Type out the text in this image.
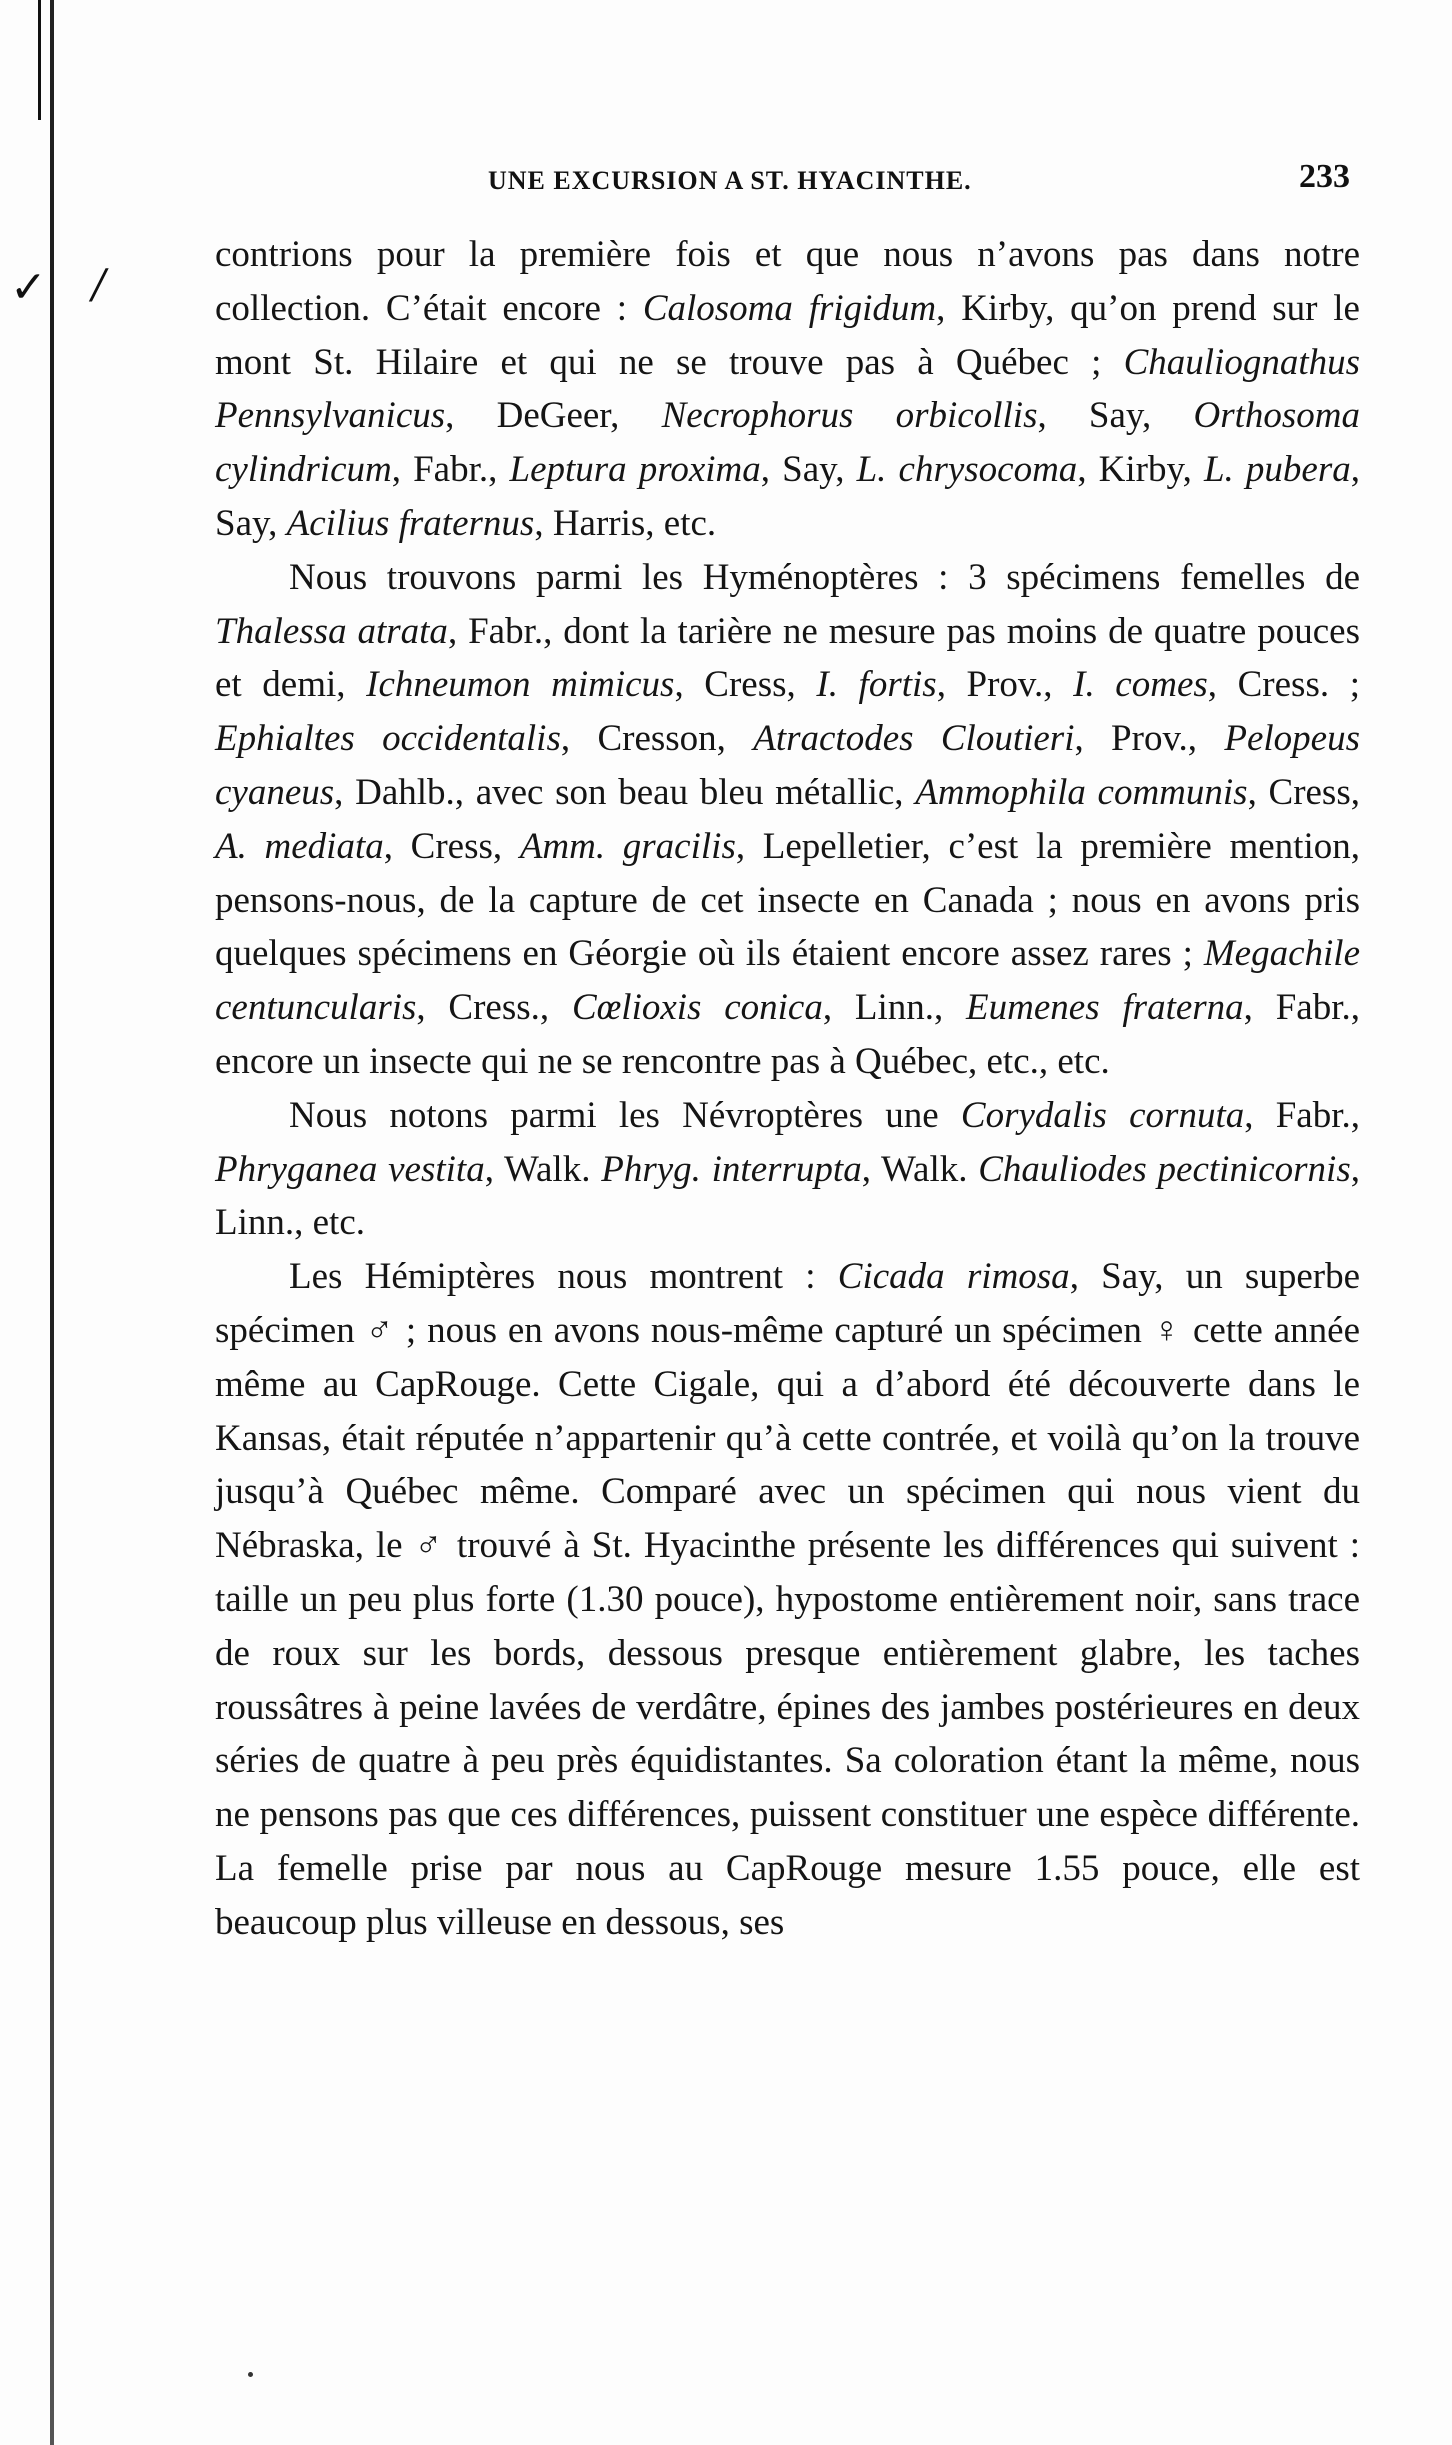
✓ /
UNE EXCURSION A ST. HYACINTHE.	233
contrions pour la première fois et que nous n’avons pas dans notre collection. C’était encore : Calosoma frigidum, Kirby, qu’on prend sur le mont St. Hilaire et qui ne se trouve pas à Québec ; Chauliognathus Pennsylvanicus, DeGeer, Necrophorus orbicollis, Say, Orthosoma cylindricum, Fabr., Leptura proxima, Say, L. chrysocoma, Kirby, L. pubera, Say, Acilius fraternus, Harris, etc.
Nous trouvons parmi les Hyménoptères : 3 spécimens femelles de Thalessa atrata, Fabr., dont la tarière ne mesure pas moins de quatre pouces et demi, Ichneumon mimicus, Cress, I. fortis, Prov., I. comes, Cress. ; Ephialtes occidentalis, Cresson, Atractodes Cloutieri, Prov., Pelopeus cyaneus, Dahlb., avec son beau bleu métallic, Ammophila communis, Cress, A. mediata, Cress, Amm. gracilis, Lepelletier, c’est la première mention, pensons-nous, de la capture de cet insecte en Canada ; nous en avons pris quelques spécimens en Géorgie où ils étaient encore assez rares ; Megachile centuncularis, Cress., Cœlioxis conica, Linn., Eumenes fraterna, Fabr., encore un insecte qui ne se rencontre pas à Québec, etc., etc.
Nous notons parmi les Névroptères une Corydalis cornuta, Fabr., Phryganea vestita, Walk. Phryg. interrupta, Walk. Chauliodes pectinicornis, Linn., etc.
Les Hémiptères nous montrent : Cicada rimosa, Say, un superbe spécimen ♂ ; nous en avons nous-même capturé un spécimen ♀ cette année même au CapRouge. Cette Cigale, qui a d’abord été découverte dans le Kansas, était réputée n’appartenir qu’à cette contrée, et voilà qu’on la trouve jusqu’à Québec même. Comparé avec un spécimen qui nous vient du Nébraska, le ♂ trouvé à St. Hyacinthe présente les différences qui suivent : taille un peu plus forte (1.30 pouce), hypostome entièrement noir, sans trace de roux sur les bords, dessous presque entièrement glabre, les taches roussâtres à peine lavées de verdâtre, épines des jambes postérieures en deux séries de quatre à peu près équidistantes. Sa coloration étant la même, nous ne pensons pas que ces différences, puissent constituer une espèce différente. La femelle prise par nous au CapRouge mesure 1.55 pouce, elle est beaucoup plus villeuse en dessous, ses
